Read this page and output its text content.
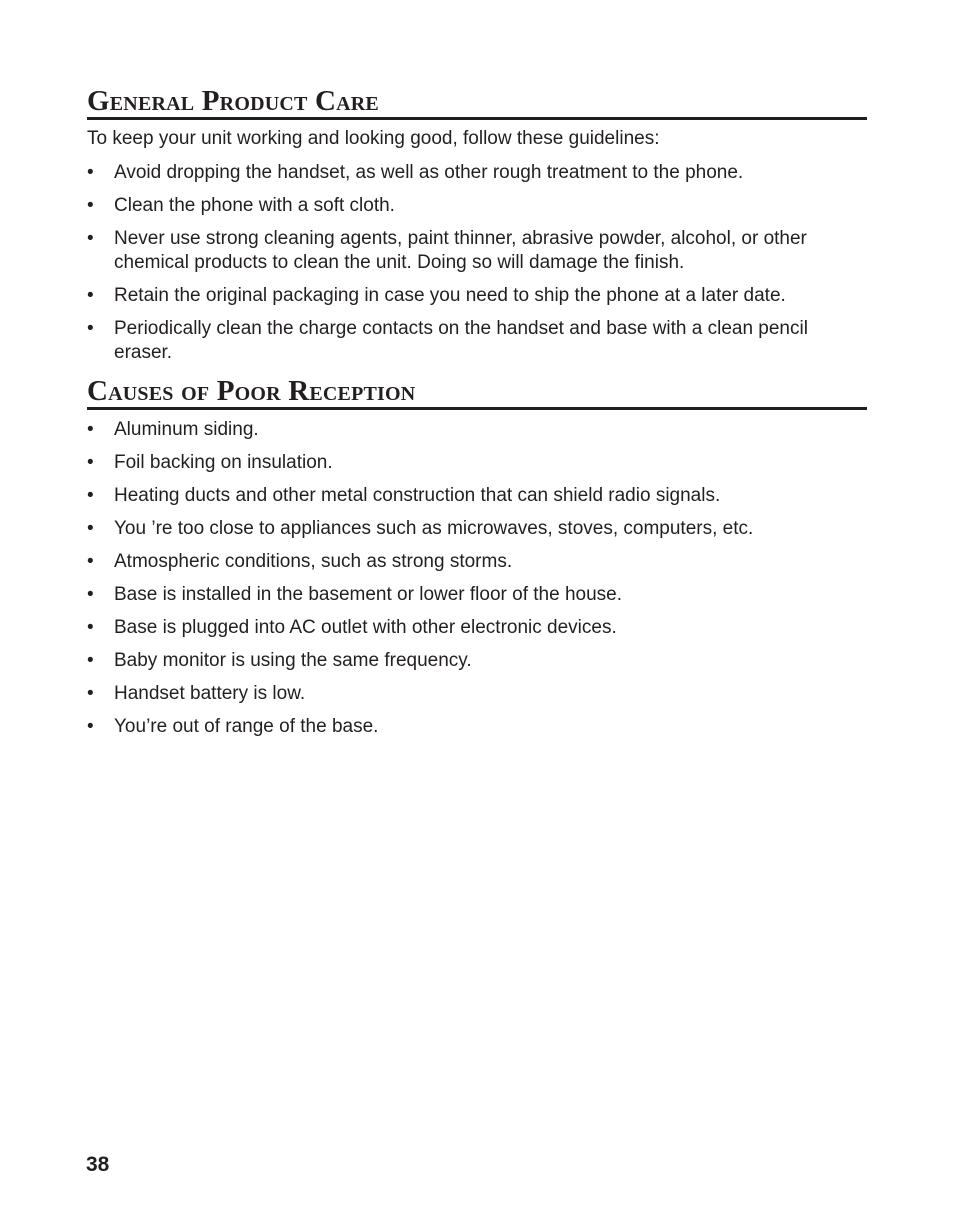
General Product Care

To keep your unit working and looking good, follow these guidelines:

• Avoid dropping the handset, as well as other rough treatment to the phone.
• Clean the phone with a soft cloth.
• Never use strong cleaning agents, paint thinner, abrasive powder, alcohol, or other chemical products to clean the unit. Doing so will damage the finish.
• Retain the original packaging in case you need to ship the phone at a later date.
• Periodically clean the charge contacts on the handset and base with a clean pencil eraser.
Causes of Poor Reception
• Aluminum siding.
• Foil backing on insulation.
• Heating ducts and other metal construction that can shield radio signals.
• You ’re too close to appliances such as microwaves, stoves, computers, etc.
• Atmospheric conditions, such as strong storms.
• Base is installed in the basement or lower floor of the house.
• Base is plugged into AC outlet with other electronic devices.
• Baby monitor is using the same frequency.
• Handset battery is low.
• You’re out of range of the base.
38
